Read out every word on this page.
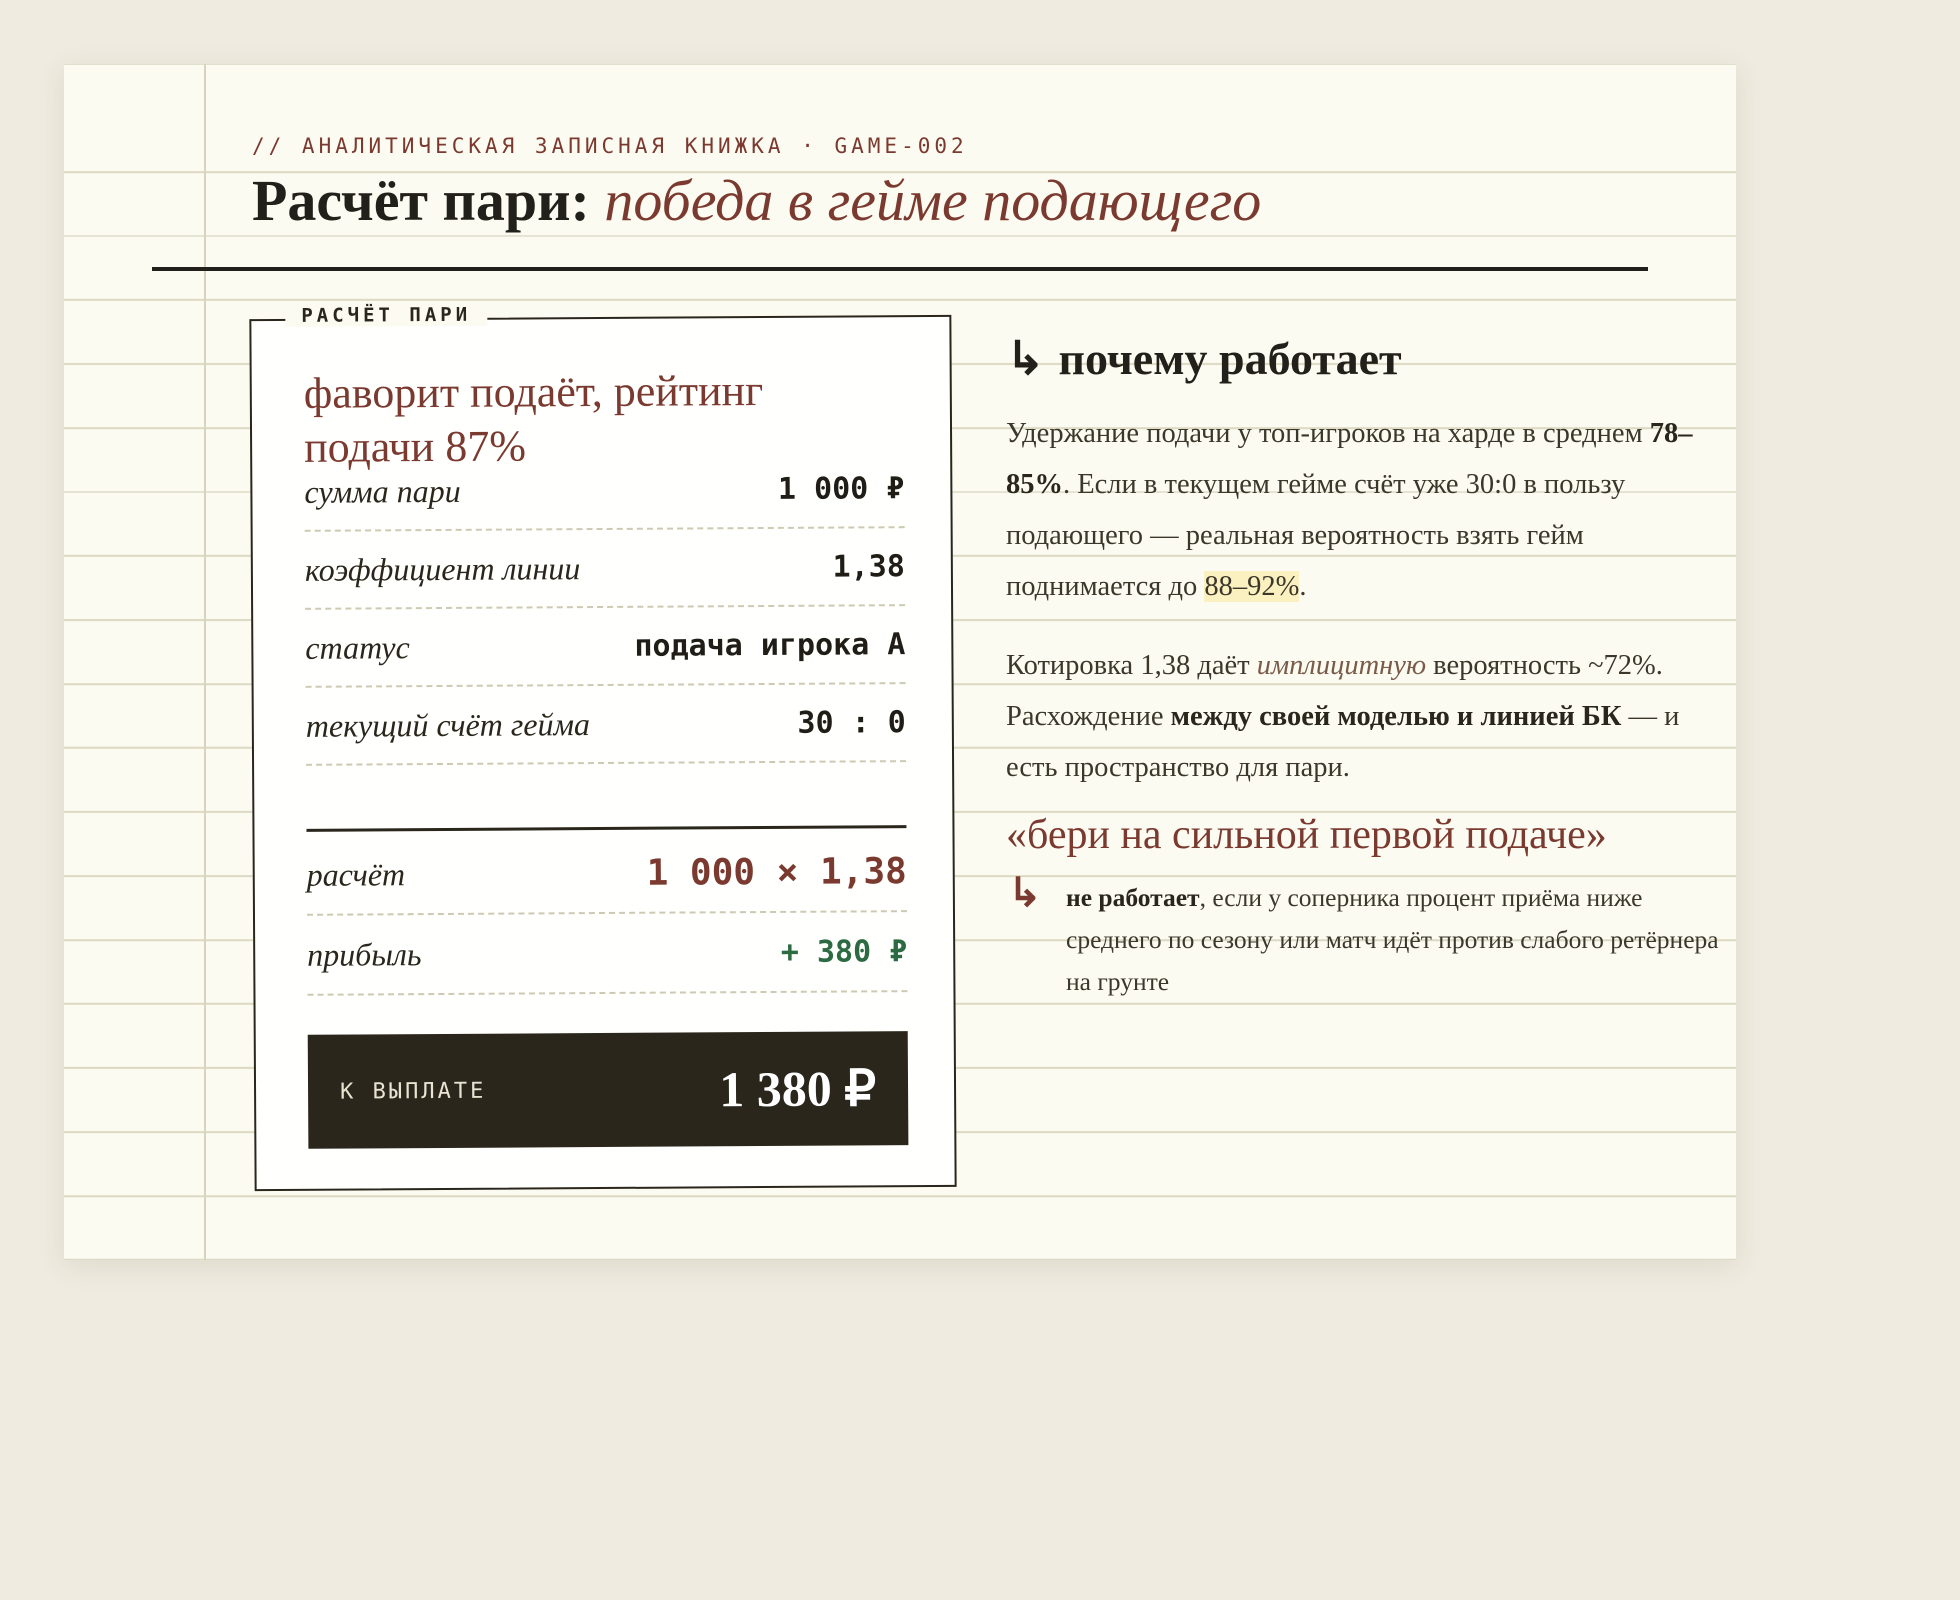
// АНАЛИТИЧЕСКАЯ ЗАПИСНАЯ КНИЖКА · GAME-002
Расчёт пари: победа в гейме подающего
РАСЧЁТ ПАРИ
фаворит подаёт, рейтинг подачи 87%
сумма пари	1 000 ₽
коэффициент линии	1,38
статус	подача игрока A
текущий счёт гейма	30 : 0
расчёт	1 000 × 1,38
прибыль	+ 380 ₽
К ВЫПЛАТЕ	1 380 ₽
↳ почему работает

Удержание подачи у топ-игроков на харде в среднем 78–85%. Если в текущем гейме счёт уже 30:0 в пользу подающего — реальная вероятность взять гейм поднимается до 88–92%.

Котировка 1,38 даёт имплицитную вероятность ~72%. Расхождение между своей моделью и линией БК — и есть пространство для пари.

«бери на сильной первой подаче»

↳ не работает, если у соперника процент приёма ниже среднего по сезону или матч идёт против слабого ретёрнера на грунте
